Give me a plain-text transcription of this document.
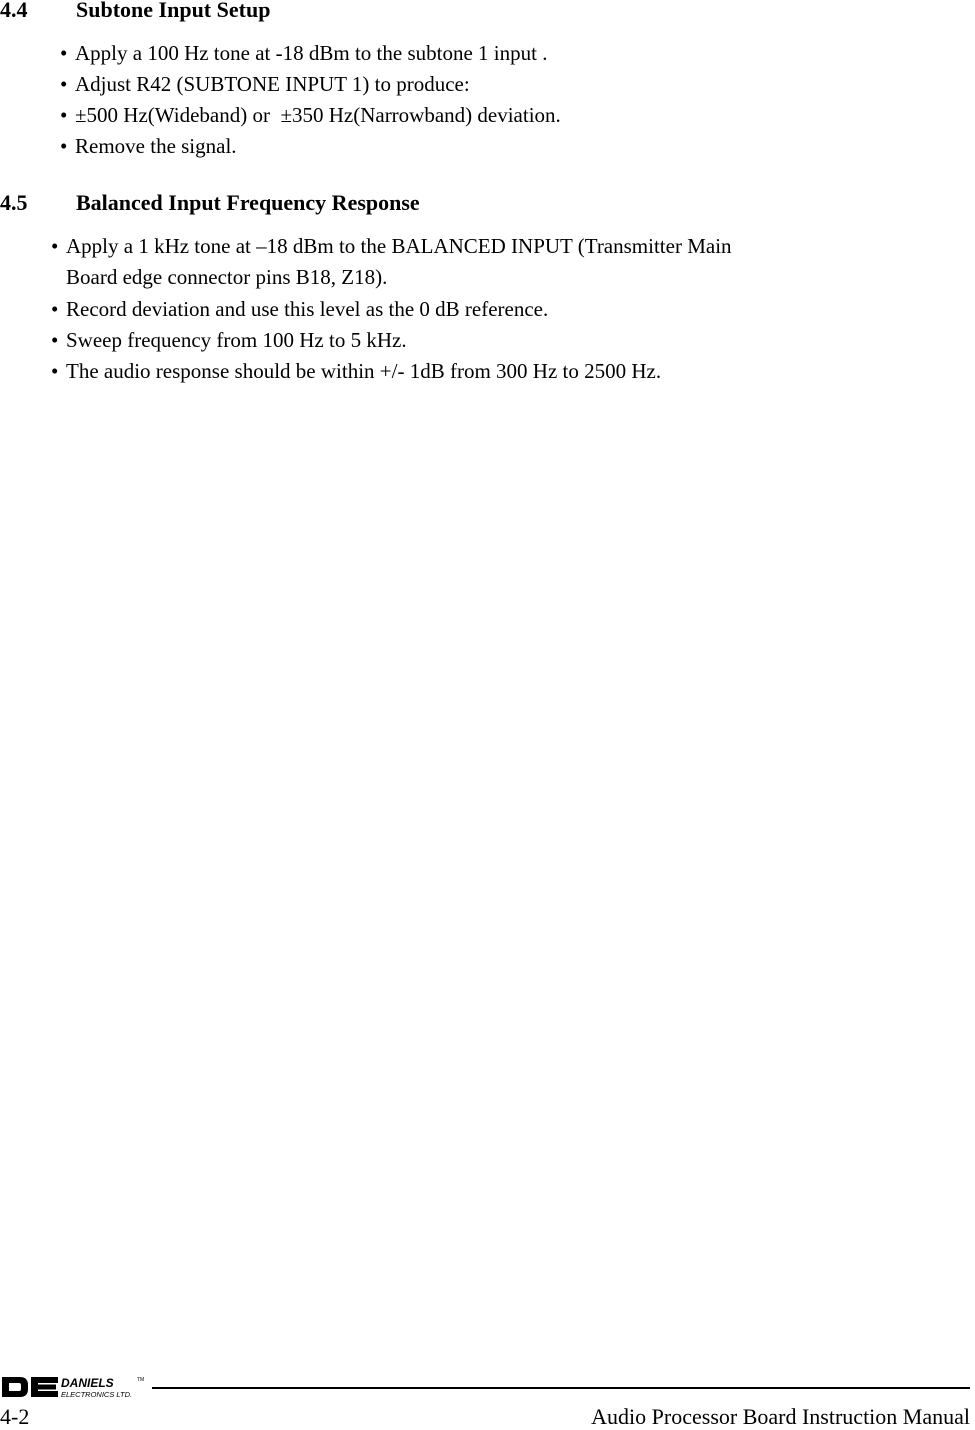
4.4 Subtone Input Setup
• Apply a 100 Hz tone at -18 dBm to the subtone 1 input .
• Adjust R42 (SUBTONE INPUT 1) to produce:
• ±500 Hz(Wideband) or  ±350 Hz(Narrowband) deviation.
• Remove the signal.
4.5 Balanced Input Frequency Response
• Apply a 1 kHz tone at –18 dBm to the BALANCED INPUT (Transmitter Main
Board edge connector pins B18, Z18).
• Record deviation and use this level as the 0 dB reference.
• Sweep frequency from 100 Hz to 5 kHz.
• The audio response should be within +/- 1dB from 300 Hz to 2500 Hz.
DANIELS	TM
ELECTRONICS LTD.
4-2	Audio Processor Board Instruction Manual
